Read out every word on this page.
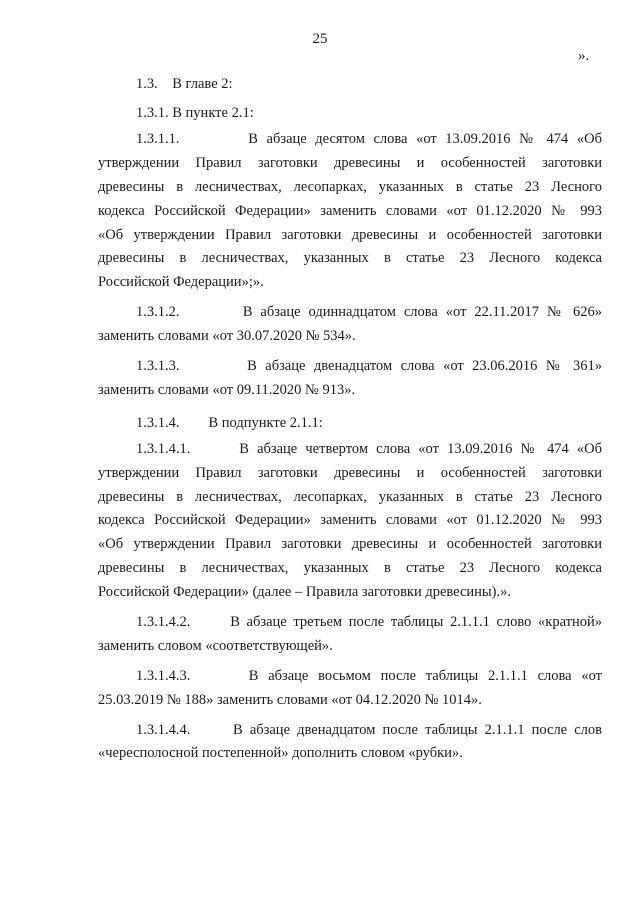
25
».
1.3.    В главе 2:
1.3.1. В пункте 2.1:
1.3.1.1.        В абзаце десятом слова «от 13.09.2016 № 474 «Об
утверждении Правил заготовки древесины и особенностей заготовки
древесины в лесничествах, лесопарках, указанных в статье 23 Лесного
кодекса Российской Федерации» заменить словами «от 01.12.2020 № 993
«Об утверждении Правил заготовки древесины и особенностей заготовки
древесины в лесничествах, указанных в статье 23 Лесного кодекса
Российской Федерации»;».
1.3.1.2.        В абзаце одиннадцатом слова «от 22.11.2017 № 626»
заменить словами «от 30.07.2020 № 534».
1.3.1.3.        В абзаце двенадцатом слова «от 23.06.2016 № 361»
заменить словами «от 09.11.2020 № 913».
1.3.1.4.        В подпункте 2.1.1:
1.3.1.4.1.      В абзаце четвертом слова «от 13.09.2016 № 474 «Об
утверждении Правил заготовки древесины и особенностей заготовки
древесины в лесничествах, лесопарках, указанных в статье 23 Лесного
кодекса Российской Федерации» заменить словами «от 01.12.2020 № 993
«Об утверждении Правил заготовки древесины и особенностей заготовки
древесины в лесничествах, указанных в статье 23 Лесного кодекса
Российской Федерации» (далее – Правила заготовки древесины).».
1.3.1.4.2.      В абзаце третьем после таблицы 2.1.1.1 слово «кратной»
заменить словом «соответствующей».
1.3.1.4.3.      В абзаце восьмом после таблицы 2.1.1.1 слова «от
25.03.2019 № 188» заменить словами «от 04.12.2020 № 1014».
1.3.1.4.4.      В абзаце двенадцатом после таблицы 2.1.1.1 после слов
«чересполосной постепенной» дополнить словом «рубки».
